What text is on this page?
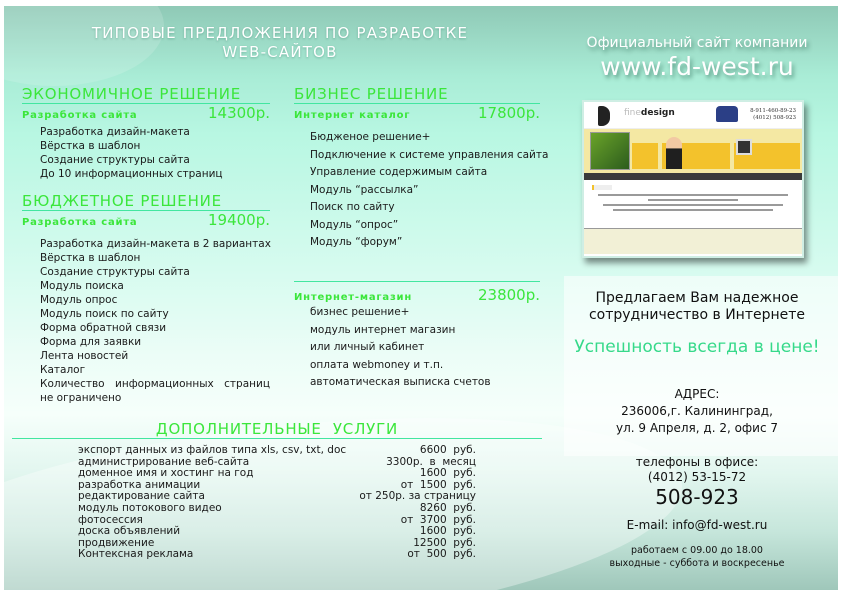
ТИПОВЫЕ ПРЕДЛОЖЕНИЯ ПО РАЗРАБОТКЕ
WEB-САЙТОВ
ЭКОНОМИЧНОЕ РЕШЕНИЕ
Разработка сайта	14300р.
Разработка дизайн-макета
Вёрстка в шаблон
Создание структуры сайта
До 10 информационных страниц
БЮДЖЕТНОЕ РЕШЕНИЕ
Разработка сайта	19400р.
Разработка дизайн-макета в 2 вариантах
Вёрстка в шаблон
Создание структуры сайта
Модуль поиска
Модуль опрос
Модуль поиск по сайту
Форма обратной связи
Форма для заявки
Лента новостей
Каталог
Количество информационных страниц
не ограничено
БИЗНЕС РЕШЕНИЕ
Интернет каталог	17800р.
Бюдженое решение+
Подключение к системе управления сайта
Управление содержимым сайта
Модуль “рассылка”
Поиск по сайту
Модуль “опрос”
Модуль “форум”
Интернет-магазин	23800р.
бизнес решение+
модуль интернет магазин
или личный кабинет
оплата webmoney и т.п.
автоматическая выписка счетов
ДОПОЛНИТЕЛЬНЫЕ  УСЛУГИ
экспорт данных из файлов типа xls, csv, txt, doc	6600  руб.
администрирование веб-сайта	3300р.  в  месяц
доменное имя и хостинг на год	1600  руб.
разработка анимации	от  1500  руб.
редактирование сайта	от 250р. за страницу
модуль потокового видео	8260  руб.
фотосессия	от  3700  руб.
доска объявлений	1600  руб.
продвижение	12500  руб.
Контексная реклама	от  500  руб.
Официальный сайт компании
www.fd-west.ru
finedesign	8-911-460-89-23
(4012) 508-923
Предлагаем Вам надежное
сотрудничество в Интернете
Успешность всегда в цене!
АДРЕС:
236006,г. Калининград,
ул. 9 Апреля, д. 2, офис 7
телефоны в офисе:
(4012) 53-15-72
508-923
E-mail: info@fd-west.ru
работаем с 09.00 до 18.00
выходные - суббота и воскресенье
